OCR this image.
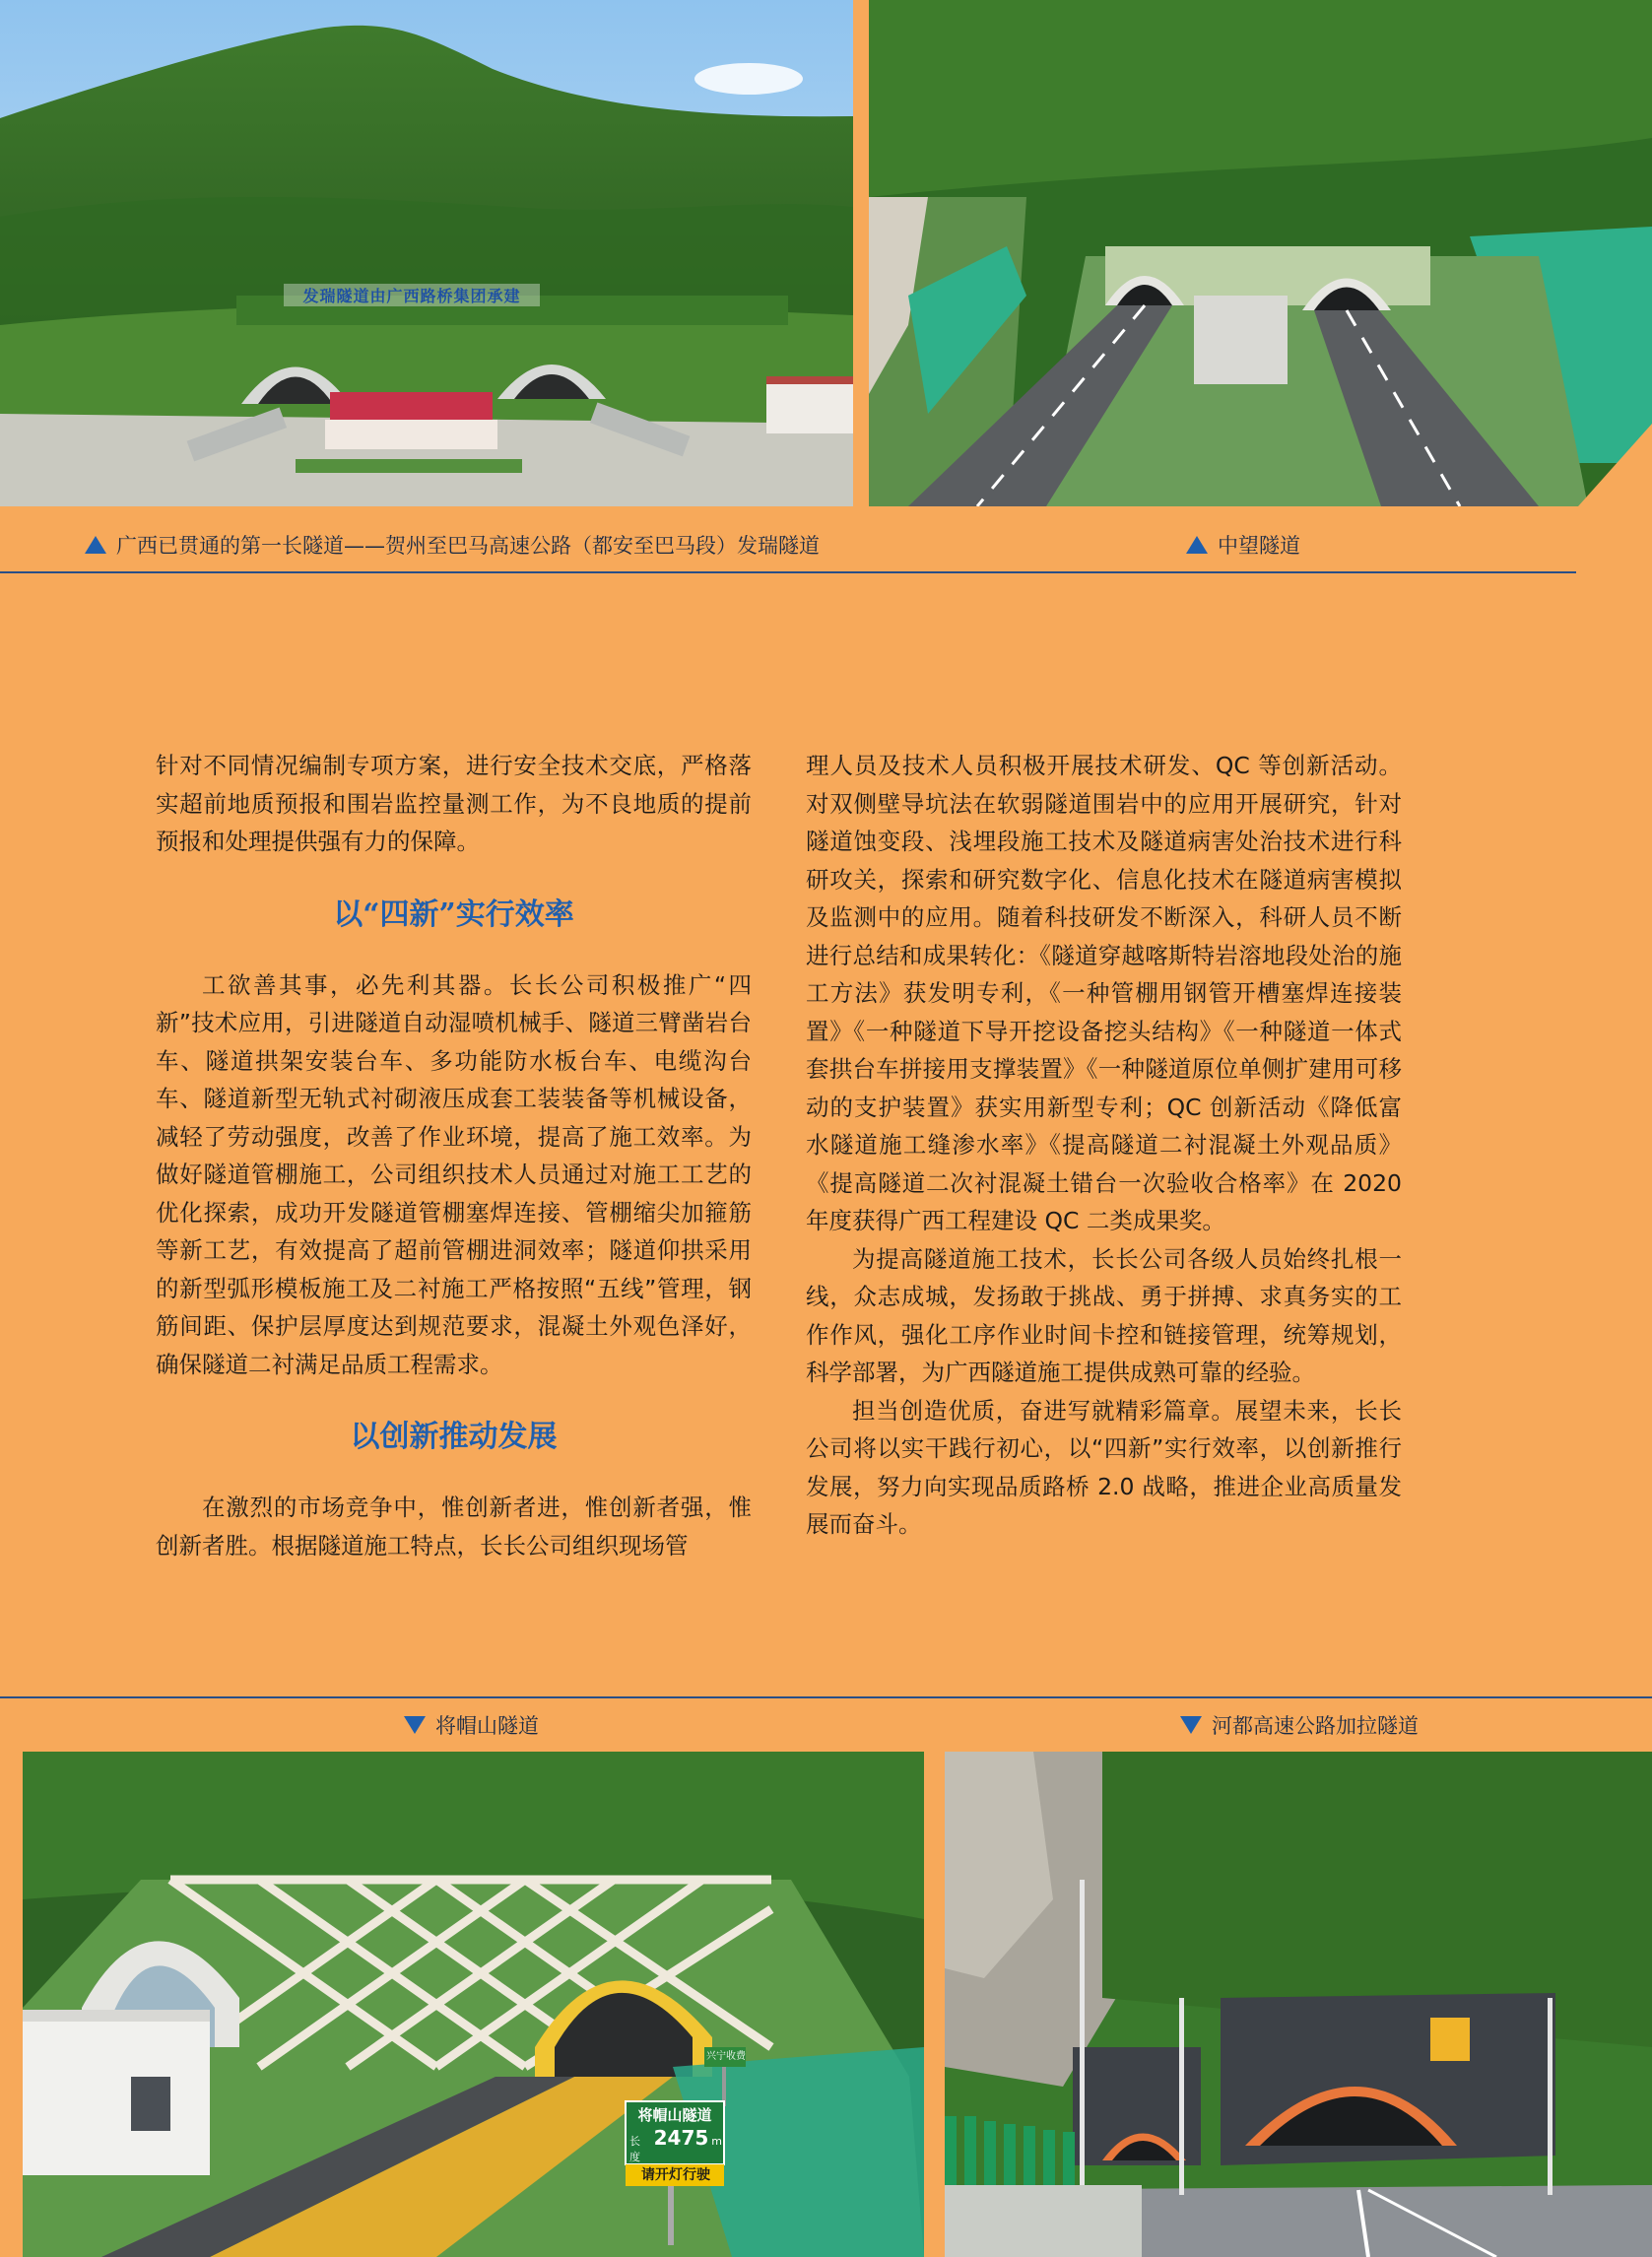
发瑞隧道由广西路桥集团承建
广西已贯通的第一长隧道——贺州至巴马高速公路（都安至巴马段）发瑞隧道	中望隧道

针对不同情况编制专项方案，进行安全技术交底，严格落实超前地质预报和围岩监控量测工作，为不良地质的提前预报和处理提供强有力的保障。

以“四新”实行效率

工欲善其事，必先利其器。长长公司积极推广“四新”技术应用，引进隧道自动湿喷机械手、隧道三臂凿岩台车、隧道拱架安装台车、多功能防水板台车、电缆沟台车、隧道新型无轨式衬砌液压成套工装装备等机械设备，减轻了劳动强度，改善了作业环境，提高了施工效率。为做好隧道管棚施工，公司组织技术人员通过对施工工艺的优化探索，成功开发隧道管棚塞焊连接、管棚缩尖加箍筋等新工艺，有效提高了超前管棚进洞效率；隧道仰拱采用的新型弧形模板施工及二衬施工严格按照“五线”管理，钢筋间距、保护层厚度达到规范要求，混凝土外观色泽好，确保隧道二衬满足品质工程需求。

以创新推动发展

在激烈的市场竞争中，惟创新者进，惟创新者强，惟创新者胜。根据隧道施工特点，长长公司组织现场管

理人员及技术人员积极开展技术研发、QC 等创新活动。对双侧壁导坑法在软弱隧道围岩中的应用开展研究，针对隧道蚀变段、浅埋段施工技术及隧道病害处治技术进行科研攻关，探索和研究数字化、信息化技术在隧道病害模拟及监测中的应用。随着科技研发不断深入，科研人员不断进行总结和成果转化：《隧道穿越喀斯特岩溶地段处治的施工方法》获发明专利，《一种管棚用钢管开槽塞焊连接装置》《一种隧道下导开挖设备挖头结构》《一种隧道一体式套拱台车拼接用支撑装置》《一种隧道原位单侧扩建用可移动的支护装置》获实用新型专利；QC 创新活动《降低富水隧道施工缝渗水率》《提高隧道二衬混凝土外观品质》《提高隧道二次衬混凝土错台一次验收合格率》在 2020 年度获得广西工程建设 QC 二类成果奖。

为提高隧道施工技术，长长公司各级人员始终扎根一线，众志成城，发扬敢于挑战、勇于拼搏、求真务实的工作作风，强化工序作业时间卡控和链接管理，统筹规划，科学部署，为广西隧道施工提供成熟可靠的经验。

担当创造优质，奋进写就精彩篇章。展望未来，长长公司将以实干践行初心，以“四新”实行效率，以创新推行发展，努力向实现品质路桥 2.0 战略，推进企业高质量发展而奋斗。

将帽山隧道	河都高速公路加拉隧道
兴宁收费
将帽山隧道
长度
2475 m
请开灯行驶
